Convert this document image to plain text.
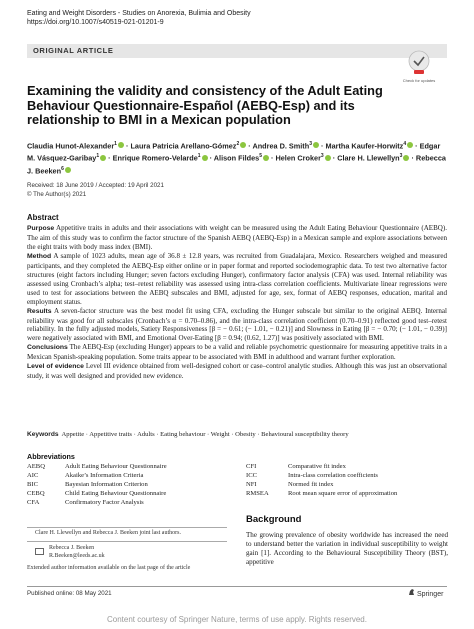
Eating and Weight Disorders - Studies on Anorexia, Bulimia and Obesity
https://doi.org/10.1007/s40519-021-01201-9
ORIGINAL ARTICLE
Check for updates
Examining the validity and consistency of the Adult Eating Behaviour Questionnaire-Español (AEBQ-Esp) and its relationship to BMI in a Mexican population
Claudia Hunot-Alexander$^1$ · Laura Patricia Arellano-Gómez$^2$ · Andrea D. Smith$^3$ · Martha Kaufer-Horwitz$^4$ · Edgar M. Vásquez-Garibay$^1$ · Enrique Romero-Velarde$^1$ · Alison Fildes$^5$ · Helen Croker$^3$ · Clare H. Llewellyn$^3$ · Rebecca J. Beeken$^6$
Received: 18 June 2019 / Accepted: 19 April 2021
© The Author(s) 2021
Abstract

Purpose Appetitive traits in adults and their associations with weight can be measured using the Adult Eating Behaviour Questionnaire (AEBQ). The aim of this study was to confirm the factor structure of the Spanish AEBQ (AEBQ-Esp) in a Mexican sample and explore associations between the eight traits with body mass index (BMI).

Method A sample of 1023 adults, mean age of 36.8 ± 12.8 years, was recruited from Guadalajara, Mexico. Researchers weighed and measured participants, and they completed the AEBQ-Esp either online or in paper format and reported sociodemographic data. To test two alternative factor structures (eight factors including Hunger; seven factors excluding Hunger), confirmatory factor analysis (CFA) was used. Internal reliability was assessed using Cronbach’s alpha; test–retest reliability was assessed using intra-class correlation coefficients. Multivariate linear regressions were used to test for associations between the AEBQ subscales and BMI, adjusted for age, sex, format of AEBQ responses, education, marital and employment status.

Results A seven-factor structure was the best model fit using CFA, excluding the Hunger subscale but similar to the original AEBQ. Internal reliability was good for all subscales (Cronbach’s α = 0.70–0.86), and the intra-class correlation coefficient (0.70–0.91) reflected good test–retest reliability. In the fully adjusted models, Satiety Responsiveness [β = − 0.61; (− 1.01, − 0.21)] and Slowness in Eating [β = − 0.70; (− 1.01, − 0.39)] were negatively associated with BMI, and Emotional Over-Eating [β = 0.94; (0.62, 1.27)] was positively associated with BMI.

Conclusions The AEBQ-Esp (excluding Hunger) appears to be a valid and reliable psychometric questionnaire for measuring appetitive traits in a Mexican Spanish-speaking population. Some traits appear to be associated with BMI in adulthood and warrant further exploration.

Level of evidence Level III evidence obtained from well-designed cohort or case–control analytic studies. Although this was just an observational study, it was well designed and provided new evidence.

Keywords Appetite · Appetitive traits · Adults · Eating behaviour · Weight · Obesity · Behavioural susceptibility theory
Abbreviations
AEBQ	Adult Eating Behaviour Questionnaire
AIC	Akaike’s Information Criteria
BIC	Bayesian Information Criterion
CEBQ	Child Eating Behaviour Questionnaire
CFA	Confirmatory Factor Analysis
CFI	Comparative fit index
ICC	Intra-class correlation coefficients
NFI	Normed fit index
RMSEA	Root mean square error of approximation
Clare H. Llewellyn and Rebecca J. Beeken joint last authors.
Rebecca J. Beeken
R.Beeken@leeds.ac.uk
Extended author information available on the last page of the article
Background
The growing prevalence of obesity worldwide has increased the need to understand better the variation in individual susceptibility to weight gain [1]. According to the Behavioural Susceptibility Theory (BST), appetitive
Published online: 08 May 2021	Springer
Content courtesy of Springer Nature, terms of use apply. Rights reserved.
